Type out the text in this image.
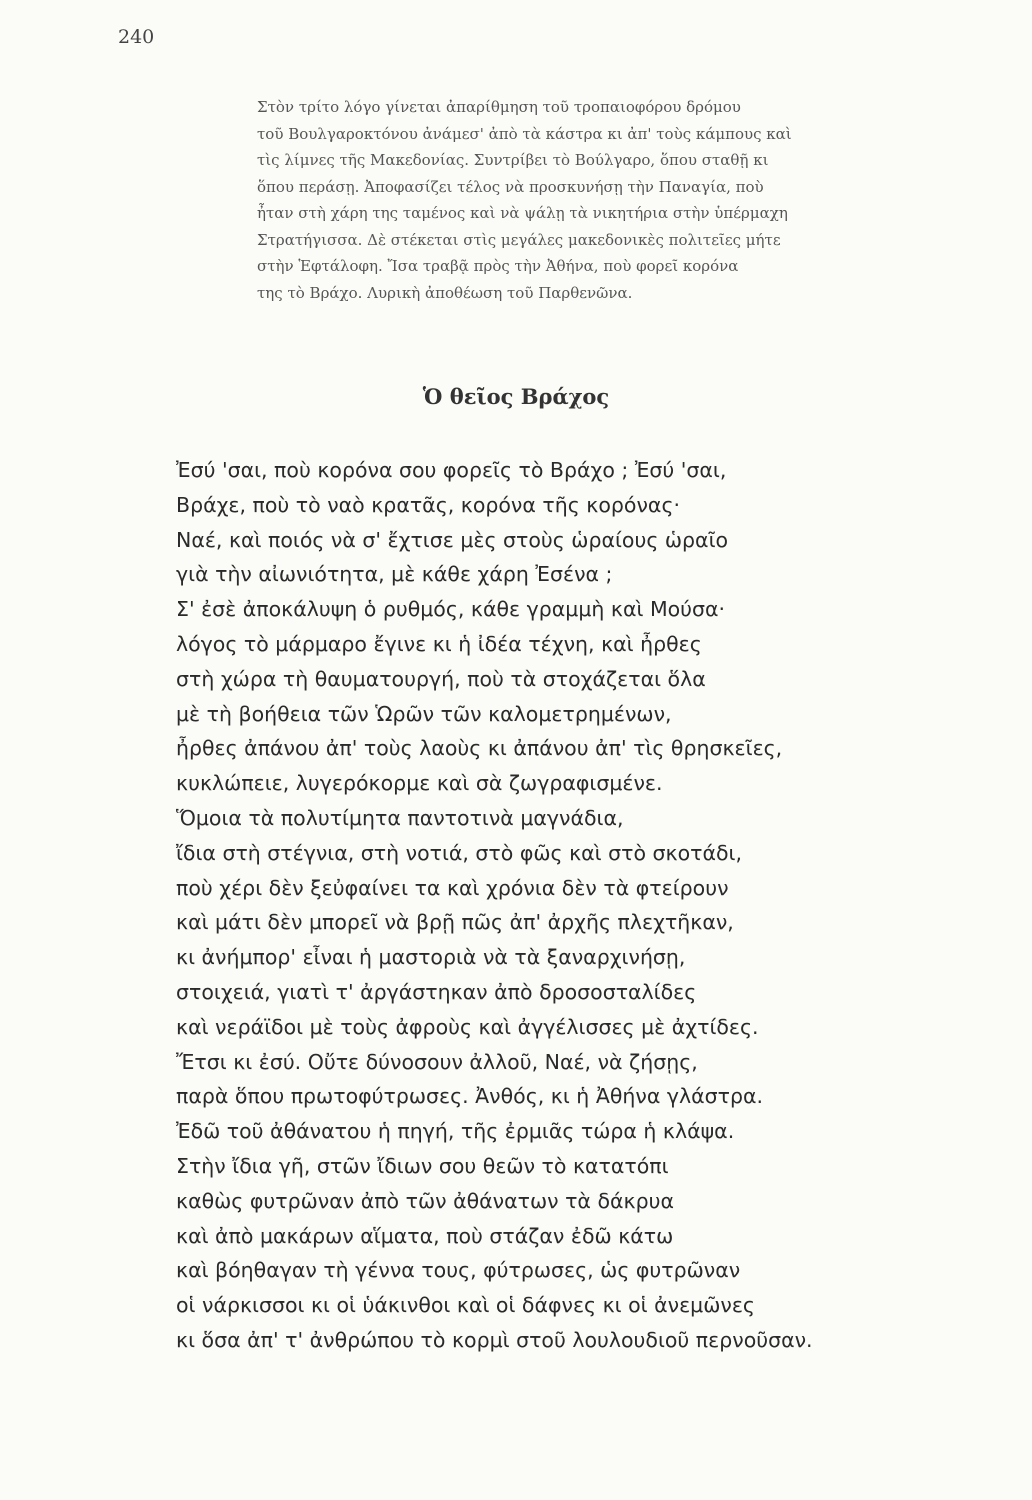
240
Στὸν τρίτο λόγο γίνεται ἀπαρίθμηση τοῦ τροπαιοφόρου δρόμου
τοῦ Βουλγαροκτόνου ἀνάμεσ' ἀπὸ τὰ κάστρα κι ἀπ' τοὺς κάμπους καὶ
τὶς λίμνες τῆς Μακεδονίας. Συντρίβει τὸ Βούλγαρο, ὅπου σταθῇ κι
ὅπου περάσῃ. Ἀποφασίζει τέλος νὰ προσκυνήσῃ τὴν Παναγία, ποὺ
ἦταν στὴ χάρη της ταμένος καὶ νὰ ψάλῃ τὰ νικητήρια στὴν ὑπέρμαχη
Στρατήγισσα. Δὲ στέκεται στὶς μεγάλες μακεδονικὲς πολιτεῖες μήτε
στὴν Ἑφτάλοφη. Ἴσα τραβᾷ πρὸς τὴν Ἀθήνα, ποὺ φορεῖ κορόνα
της τὸ Βράχο. Λυρικὴ ἀποθέωση τοῦ Παρθενῶνα.
Ὁ θεῖος Βράχος
Ἐσύ 'σαι, ποὺ κορόνα σου φορεῖς τὸ Βράχο ; Ἐσύ 'σαι,
Βράχε, ποὺ τὸ ναὸ κρατᾶς, κορόνα τῆς κορόνας·
Ναέ, καὶ ποιός νὰ σ' ἔχτισε μὲς στοὺς ὡραίους ὡραῖο
γιὰ τὴν αἰωνιότητα, μὲ κάθε χάρη Ἐσένα ;
Σ' ἐσὲ ἀποκάλυψη ὁ ρυθμός, κάθε γραμμὴ καὶ Μούσα·
λόγος τὸ μάρμαρο ἔγινε κι ἡ ἰδέα τέχνη, καὶ ἦρθες
στὴ χώρα τὴ θαυματουργή, ποὺ τὰ στοχάζεται ὅλα
μὲ τὴ βοήθεια τῶν Ὡρῶν τῶν καλομετρημένων,
ἦρθες ἀπάνου ἀπ' τοὺς λαοὺς κι ἀπάνου ἀπ' τὶς θρησκεῖες,
κυκλώπειε, λυγερόκορμε καὶ σὰ ζωγραφισμένε.
Ὅμοια τὰ πολυτίμητα παντοτινὰ μαγνάδια,
ἴδια στὴ στέγνια, στὴ νοτιά, στὸ φῶς καὶ στὸ σκοτάδι,
ποὺ χέρι δὲν ξεὐφαίνει τα καὶ χρόνια δὲν τὰ φτείρουν
καὶ μάτι δὲν μπορεῖ νὰ βρῇ πῶς ἀπ' ἀρχῆς πλεχτῆκαν,
κι ἀνήμπορ' εἶναι ἡ μαστοριὰ νὰ τὰ ξαναρχινήσῃ,
στοιχειά, γιατὶ τ' ἀργάστηκαν ἀπὸ δροσοσταλίδες
καὶ νεράϊδοι μὲ τοὺς ἀφροὺς καὶ ἀγγέλισσες μὲ ἀχτίδες.
Ἔτσι κι ἐσύ. Οὔτε δύνοσουν ἀλλοῦ, Ναέ, νὰ ζήσῃς,
παρὰ ὅπου πρωτοφύτρωσες. Ἀνθός, κι ἡ Ἀθήνα γλάστρα.
Ἐδῶ τοῦ ἀθάνατου ἡ πηγή, τῆς ἐρμιᾶς τώρα ἡ κλάψα.
Στὴν ἴδια γῆ, στῶν ἴδιων σου θεῶν τὸ κατατόπι
καθὼς φυτρῶναν ἀπὸ τῶν ἀθάνατων τὰ δάκρυα
καὶ ἀπὸ μακάρων αἵματα, ποὺ στάζαν ἐδῶ κάτω
καὶ βόηθαγαν τὴ γέννα τους, φύτρωσες, ὡς φυτρῶναν
οἱ νάρκισσοι κι οἱ ὑάκινθοι καὶ οἱ δάφνες κι οἱ ἀνεμῶνες
κι ὅσα ἀπ' τ' ἀνθρώπου τὸ κορμὶ στοῦ λουλουδιοῦ περνοῦσαν.
